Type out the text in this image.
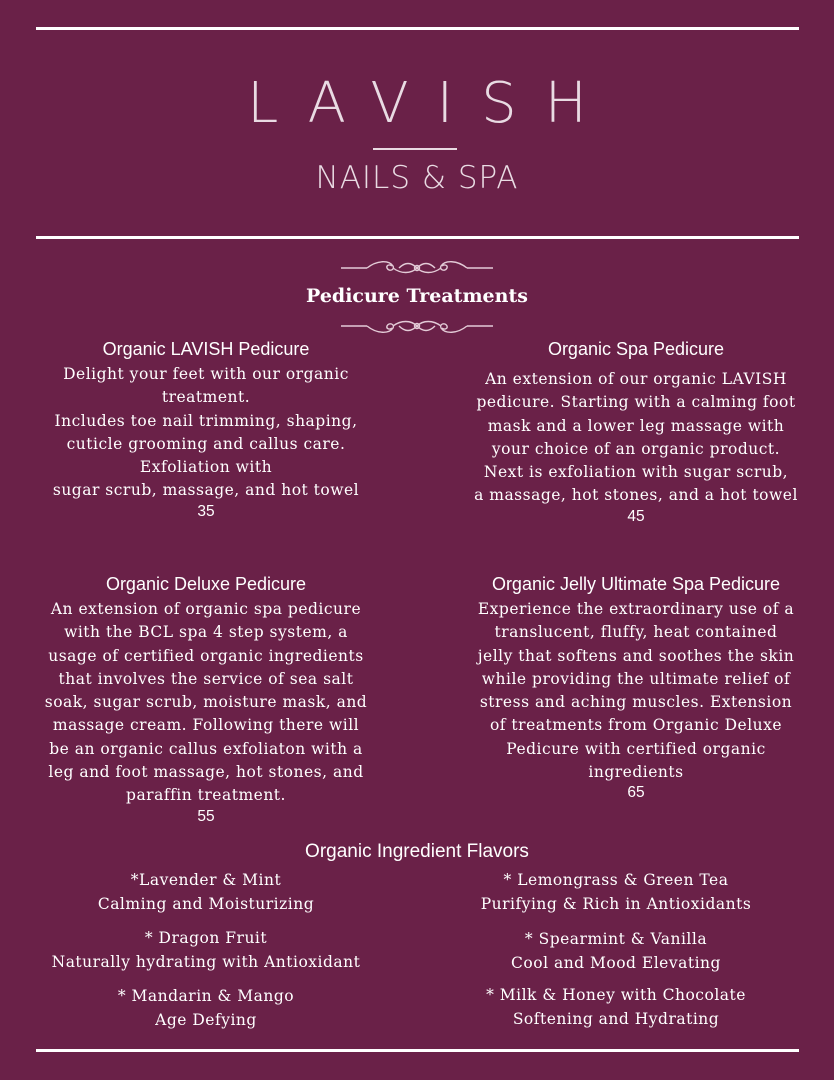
LAVISH
NAILS & SPA
Pedicure Treatments
Organic LAVISH Pedicure
Delight your feet with our organic
treatment.
Includes toe nail trimming, shaping,
cuticle grooming and callus care.
Exfoliation with
sugar scrub, massage, and hot towel
35
Organic Spa Pedicure
An extension of our organic LAVISH
pedicure. Starting with a calming foot
mask and a lower leg massage with
your choice of an organic product.
Next is exfoliation with sugar scrub,
a massage, hot stones, and a hot towel
45
Organic Deluxe Pedicure
An extension of organic spa pedicure
with the BCL spa 4 step system, a
usage of certified organic ingredients
that involves the service of sea salt
soak, sugar scrub, moisture mask, and
massage cream. Following there will
be an organic callus exfoliaton with a
leg and foot massage, hot stones, and
paraffin treatment.
55
Organic Jelly Ultimate Spa Pedicure
Experience the extraordinary use of a
translucent, fluffy, heat contained
jelly that softens and soothes the skin
while providing the ultimate relief of
stress and aching muscles. Extension
of treatments from Organic Deluxe
Pedicure with certified organic
ingredients
65
Organic Ingredient Flavors
*Lavender & Mint
Calming and Moisturizing
* Lemongrass & Green Tea
Purifying & Rich in Antioxidants
* Dragon Fruit
Naturally hydrating with Antioxidant
* Spearmint & Vanilla
Cool and Mood Elevating
* Mandarin & Mango
Age Defying
* Milk & Honey with Chocolate
Softening and Hydrating
